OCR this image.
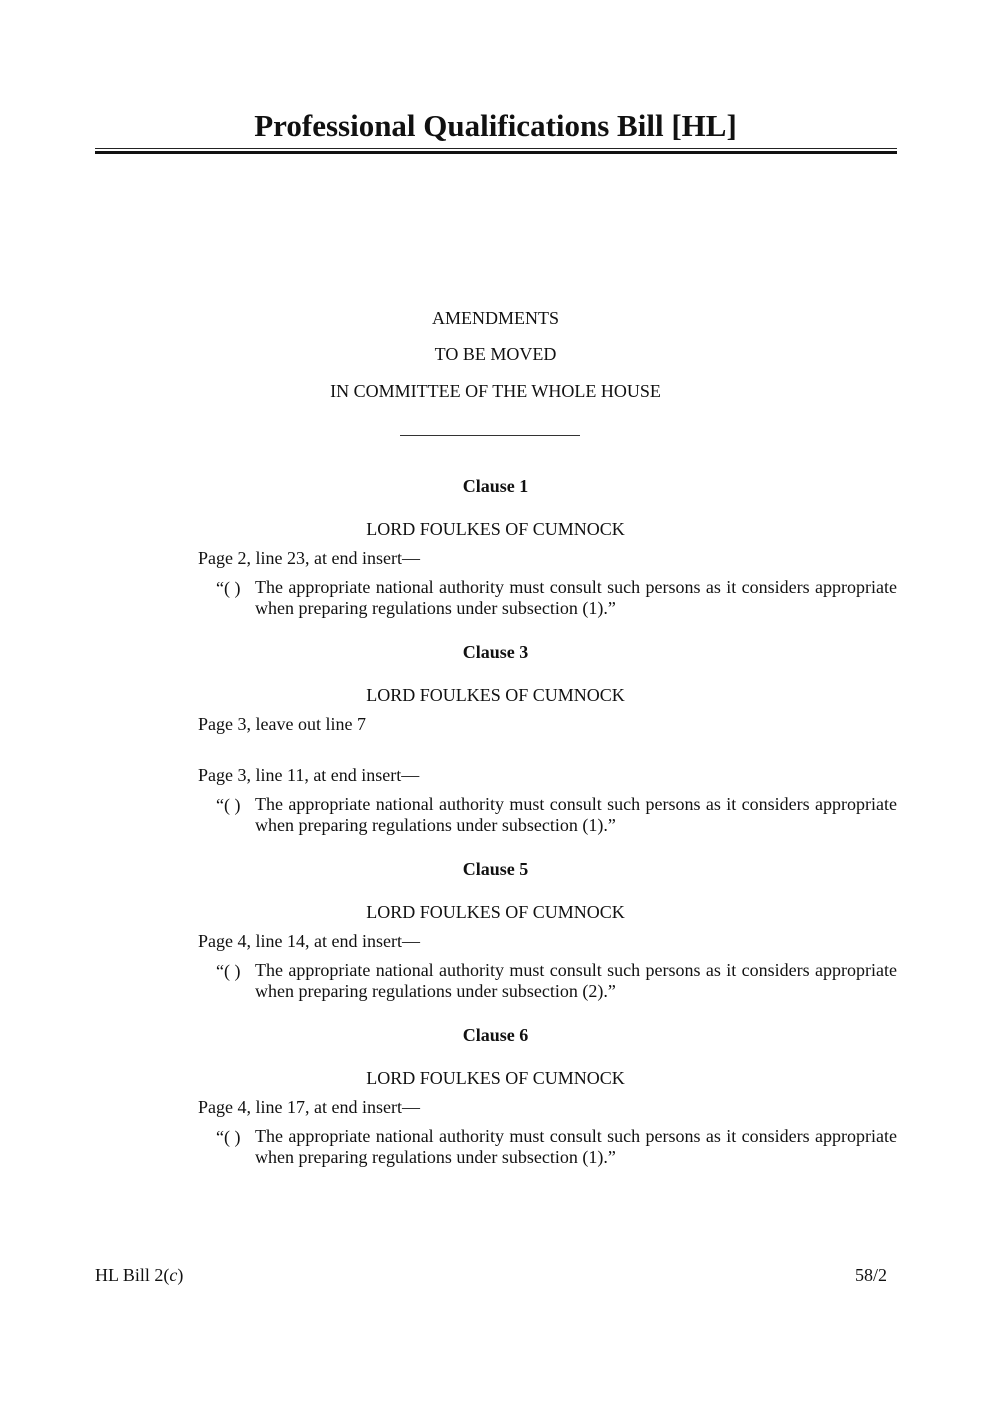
Professional Qualifications Bill [HL]
AMENDMENTS
TO BE MOVED
IN COMMITTEE OF THE WHOLE HOUSE
Clause 1
LORD FOULKES OF CUMNOCK
Page 2, line 23, at end insert—
“( ) The appropriate national authority must consult such persons as it considers appropriate when preparing regulations under subsection (1).”
Clause 3
LORD FOULKES OF CUMNOCK
Page 3, leave out line 7
Page 3, line 11, at end insert—
“( ) The appropriate national authority must consult such persons as it considers appropriate when preparing regulations under subsection (1).”
Clause 5
LORD FOULKES OF CUMNOCK
Page 4, line 14, at end insert—
“( ) The appropriate national authority must consult such persons as it considers appropriate when preparing regulations under subsection (2).”
Clause 6
LORD FOULKES OF CUMNOCK
Page 4, line 17, at end insert—
“( ) The appropriate national authority must consult such persons as it considers appropriate when preparing regulations under subsection (1).”
HL Bill 2(c)	58/2
